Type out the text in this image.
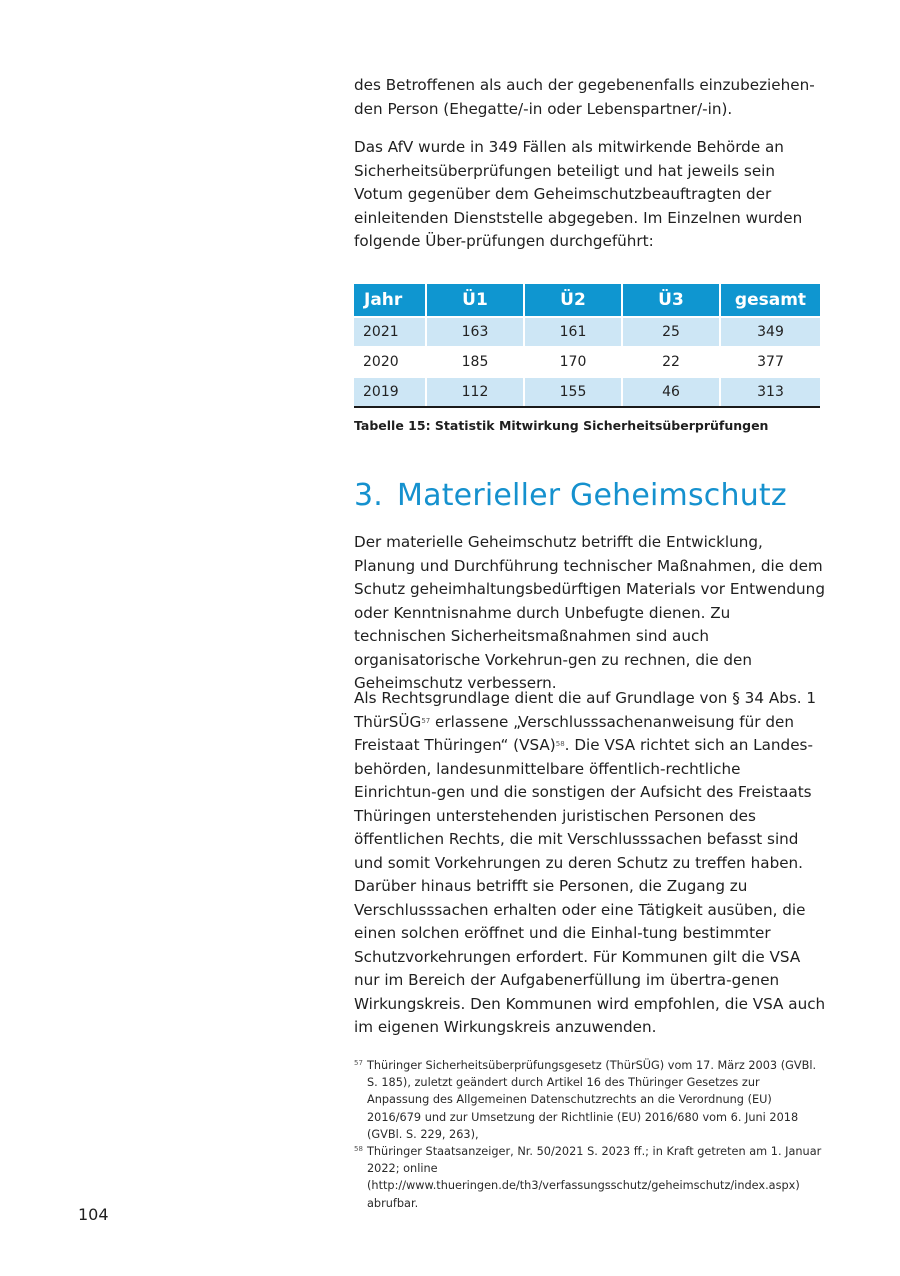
des Betroffenen als auch der gegebenenfalls einzubeziehen-den Person (Ehegatte/-in oder Lebenspartner/-in).

Das AfV wurde in 349 Fällen als mitwirkende Behörde an Sicherheitsüberprüfungen beteiligt und hat jeweils sein Votum gegenüber dem Geheimschutzbeauftragten der einleitenden Dienststelle abgegeben. Im Einzelnen wurden folgende Über-prüfungen durchgeführt:

Jahr	Ü1	Ü2	Ü3	gesamt
2021	163	161	25	349
2020	185	170	22	377
2019	112	155	46	313
Tabelle 15: Statistik Mitwirkung Sicherheitsüberprüfungen
3. Materieller Geheimschutz

Der materielle Geheimschutz betrifft die Entwicklung, Planung und Durchführung technischer Maßnahmen, die dem Schutz geheimhaltungsbedürftigen Materials vor Entwendung oder Kenntnisnahme durch Unbefugte dienen. Zu technischen Sicherheitsmaßnahmen sind auch organisatorische Vorkehrun-gen zu rechnen, die den Geheimschutz verbessern.

Als Rechtsgrundlage dient die auf Grundlage von § 34 Abs. 1 ThürSÜG$^{57}$ erlassene „Verschlusssachenanweisung für den Freistaat Thüringen“ (VSA)$^{58}$. Die VSA richtet sich an Landes-behörden, landesunmittelbare öffentlich-rechtliche Einrichtun-gen und die sonstigen der Aufsicht des Freistaats Thüringen unterstehenden juristischen Personen des öffentlichen Rechts, die mit Verschlusssachen befasst sind und somit Vorkehrungen zu deren Schutz zu treffen haben. Darüber hinaus betrifft sie Personen, die Zugang zu Verschlusssachen erhalten oder eine Tätigkeit ausüben, die einen solchen eröffnet und die Einhal-tung bestimmter Schutzvorkehrungen erfordert. Für Kommunen gilt die VSA nur im Bereich der Aufgabenerfüllung im übertra-genen Wirkungskreis. Den Kommunen wird empfohlen, die VSA auch im eigenen Wirkungskreis anzuwenden.

57 Thüringer Sicherheitsüberprüfungsgesetz (ThürSÜG) vom 17. März 2003 (GVBl. S. 185), zuletzt geändert durch Artikel 16 des Thüringer Gesetzes zur Anpassung des Allgemeinen Datenschutzrechts an die Verordnung (EU) 2016/679 und zur Umsetzung der Richtlinie (EU) 2016/680 vom 6. Juni 2018 (GVBl. S. 229, 263),
58 Thüringer Staatsanzeiger, Nr. 50/2021 S. 2023 ff.; in Kraft getreten am 1. Januar 2022; online (http://www.thueringen.de/th3/verfassungsschutz/geheimschutz/index.aspx) abrufbar.
104
